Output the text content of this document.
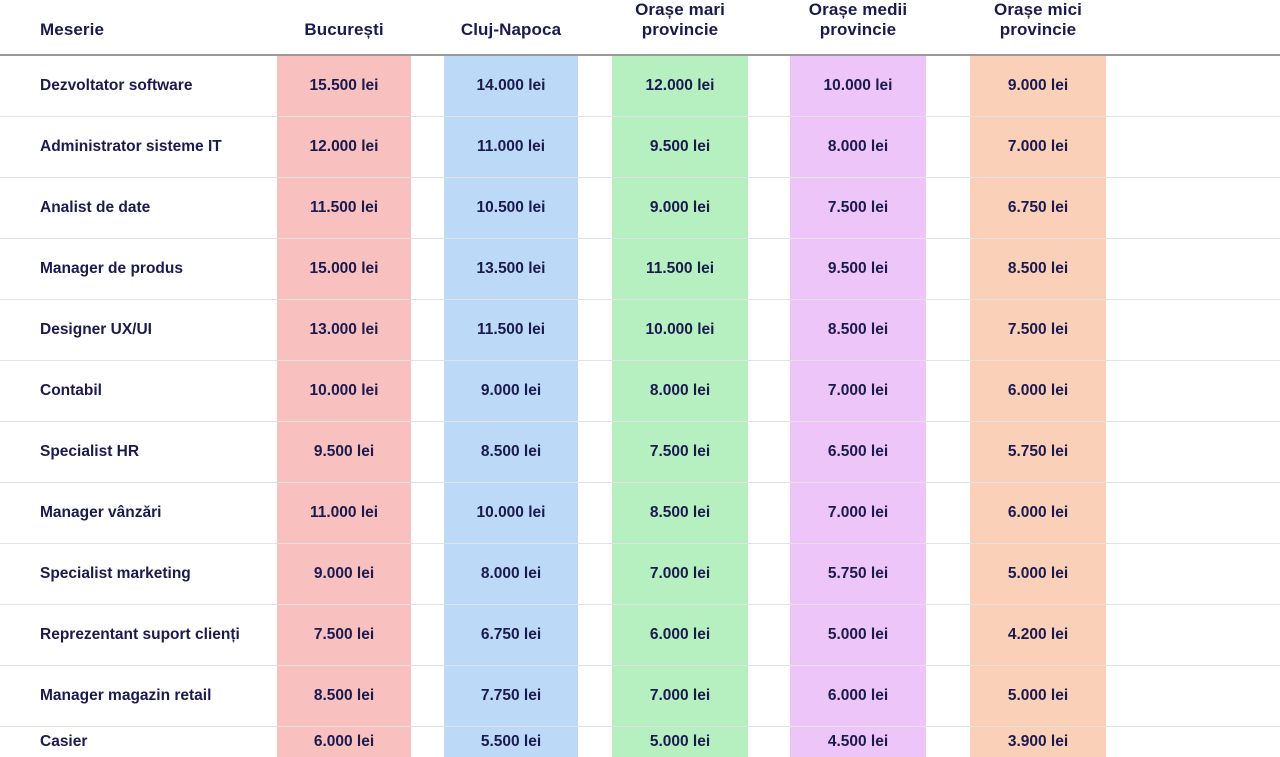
Meserie	București		Cluj-Napoca		Orașe mari provincie		Orașe medii provincie		Orașe mici provincie	
Dezvoltator software	15.500 lei		14.000 lei		12.000 lei		10.000 lei		9.000 lei	
Administrator sisteme IT	12.000 lei		11.000 lei		9.500 lei		8.000 lei		7.000 lei	
Analist de date	11.500 lei		10.500 lei		9.000 lei		7.500 lei		6.750 lei	
Manager de produs	15.000 lei		13.500 lei		11.500 lei		9.500 lei		8.500 lei	
Designer UX/UI	13.000 lei		11.500 lei		10.000 lei		8.500 lei		7.500 lei	
Contabil	10.000 lei		9.000 lei		8.000 lei		7.000 lei		6.000 lei	
Specialist HR	9.500 lei		8.500 lei		7.500 lei		6.500 lei		5.750 lei	
Manager vânzări	11.000 lei		10.000 lei		8.500 lei		7.000 lei		6.000 lei	
Specialist marketing	9.000 lei		8.000 lei		7.000 lei		5.750 lei		5.000 lei	
Reprezentant suport clienți	7.500 lei		6.750 lei		6.000 lei		5.000 lei		4.200 lei	
Manager magazin retail	8.500 lei		7.750 lei		7.000 lei		6.000 lei		5.000 lei	
Casier	6.000 lei		5.500 lei		5.000 lei		4.500 lei		3.900 lei	
